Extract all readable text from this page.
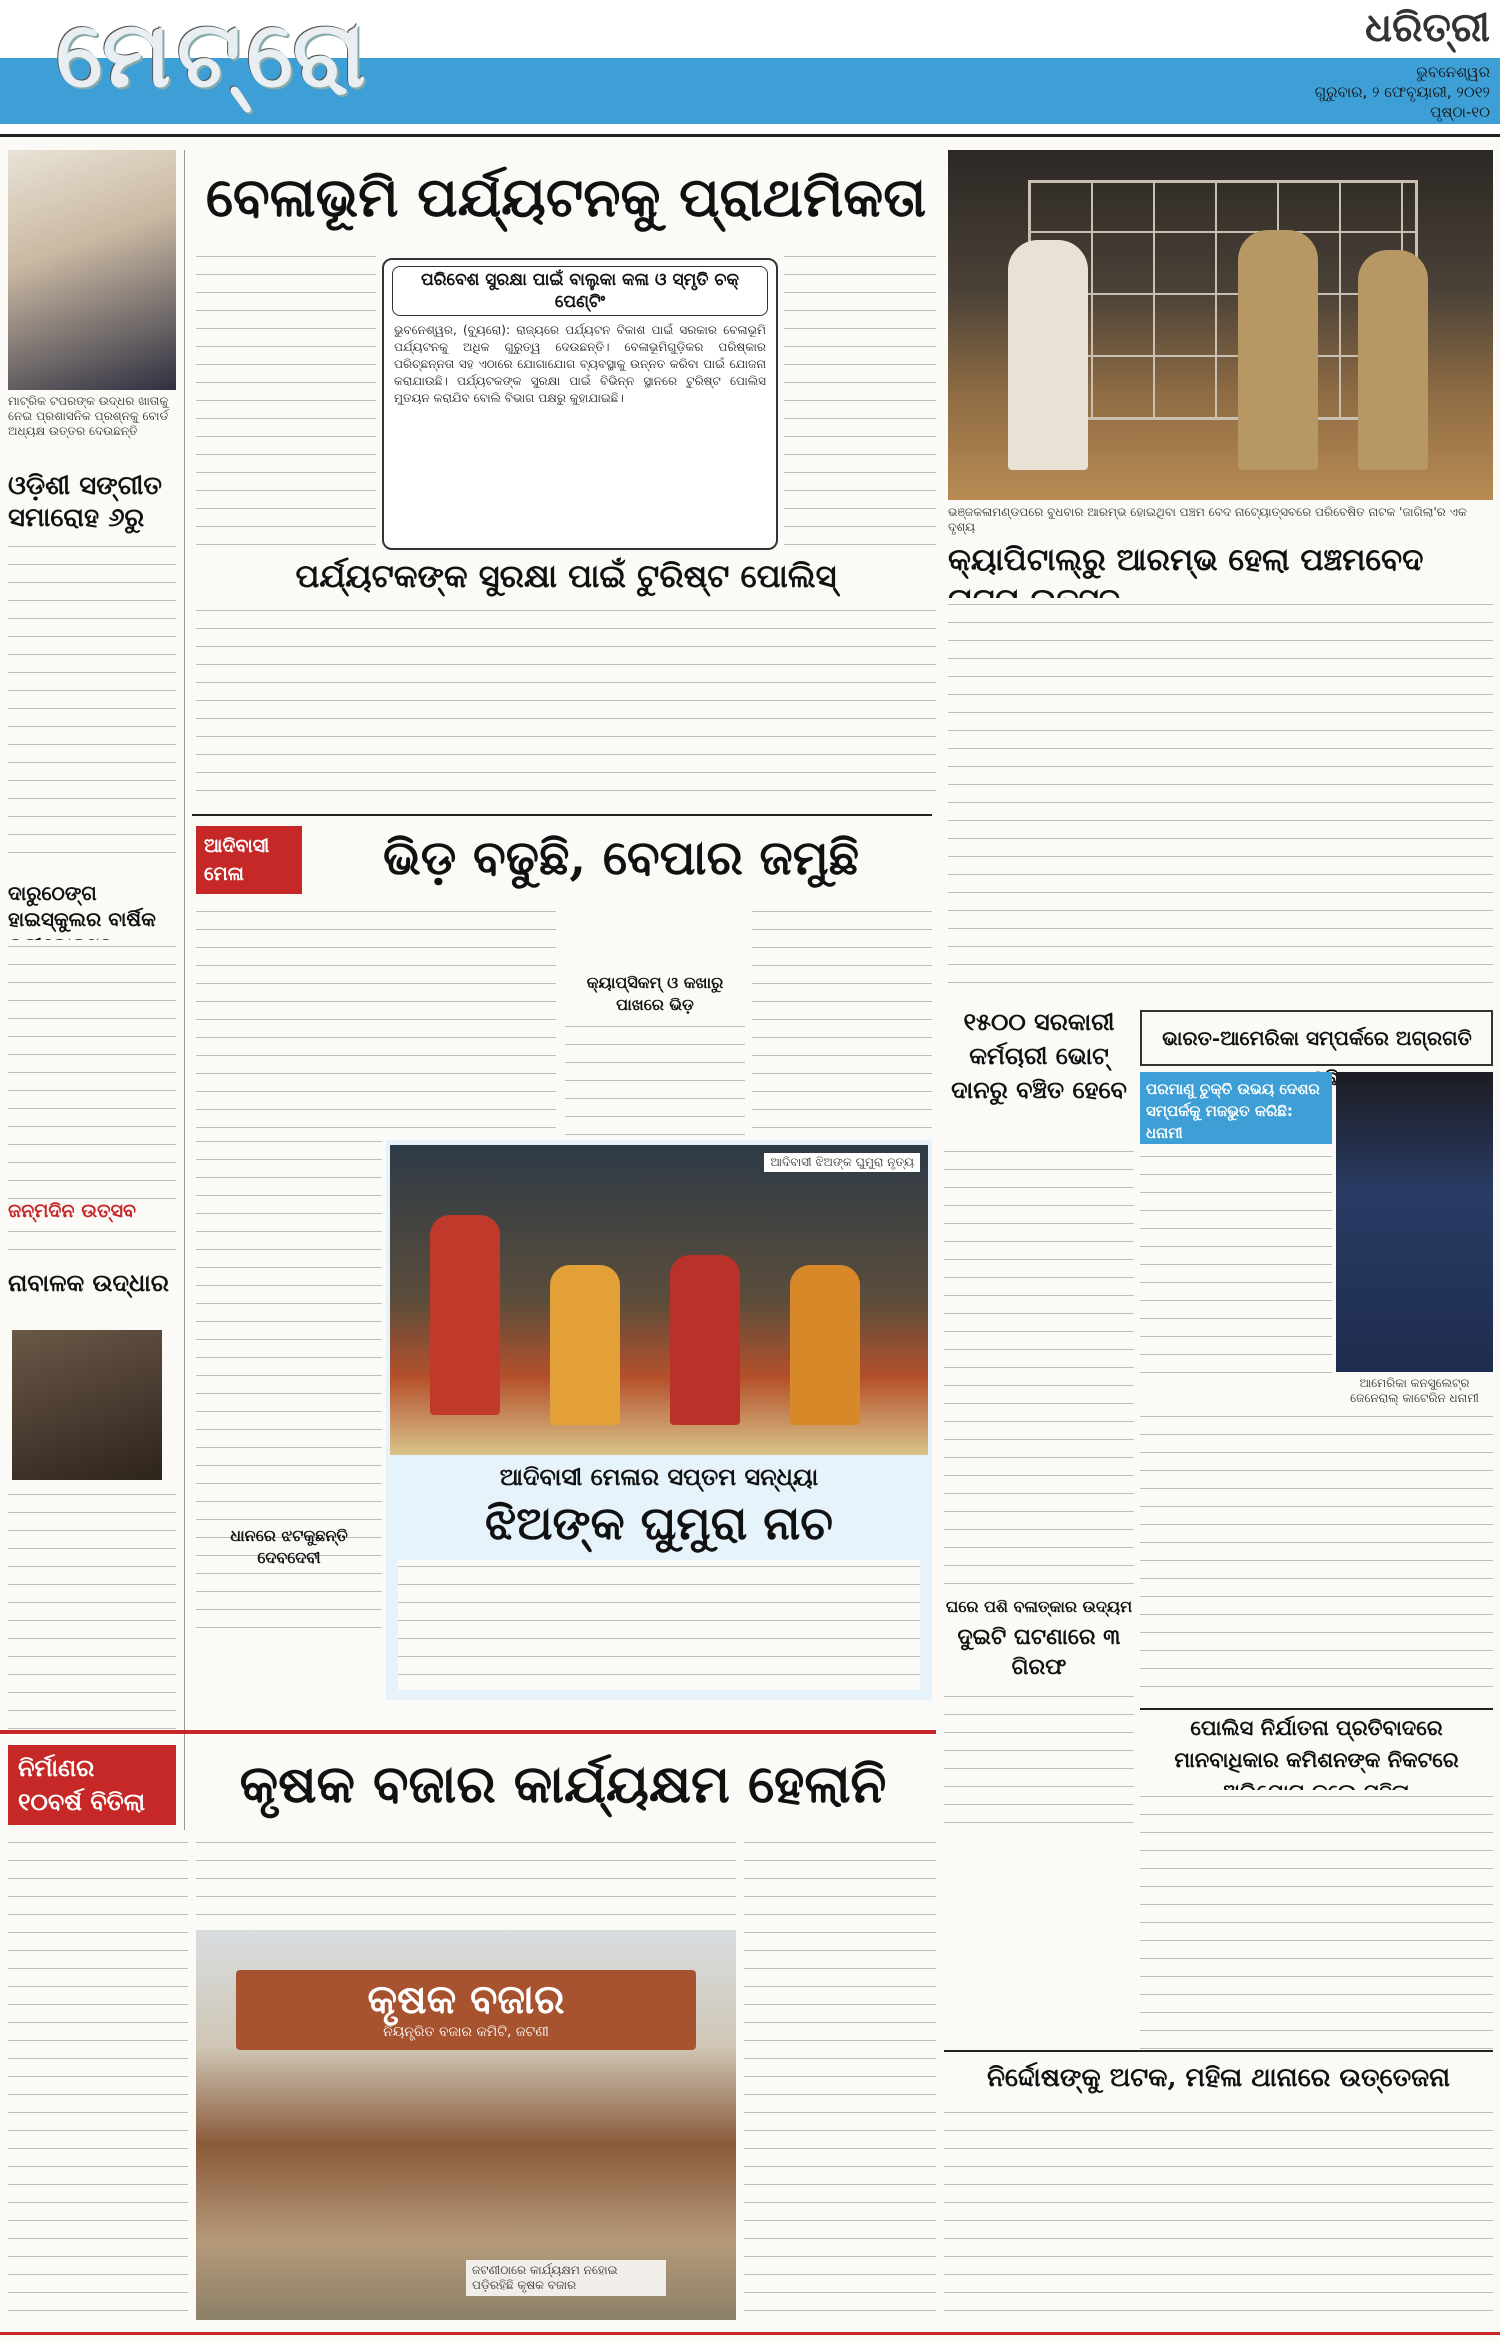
ମେଟ୍ରୋ	ଧରିତ୍ରୀ
ଭୁବନେଶ୍ୱର
ଗୁରୁବାର, ୨ ଫେବୃୟାରୀ, ୨୦୧୨
ପୃଷ୍ଠା-୧୦
ମାଟ୍ରିକ ଟପରଙ୍କ ଉଦ୍ଧର ଖାତାକୁ ନେଇ ପ୍ରଶାସନିକ ପ୍ରଶ୍ନକୁ ବୋର୍ଡ ଅଧ୍ୟକ୍ଷ ଉତ୍ତର ଦେଉଛନ୍ତି
ଓଡ଼ିଶୀ ସଙ୍ଗୀତ ସମାରୋହ ୬ରୁ
ଦାରୁଠେଙ୍ଗ ହାଇସ୍କୁଲର ବାର୍ଷିକ
ଜନ୍ମଦିନ ଉତ୍ସବ
ନାବାଳକ ଉଦ୍ଧାର
ବେଳାଭୂମି ପର୍ଯ୍ୟଟନକୁ ପ୍ରାଥମିକତା
ପରିବେଶ ସୁରକ୍ଷା ପାଇଁ ବାଲୁକା କଳା ଓ ସ୍ମୃତି ଚକ୍ ପେଣ୍ଟିଂ
ଭୁବନେଶ୍ୱର, (ବ୍ୟୁରୋ): ରାଜ୍ୟରେ ପର୍ଯ୍ୟଟନ ବିକାଶ ପାଇଁ ସରକାର ବେଳାଭୂମି ପର୍ଯ୍ୟଟନକୁ ଅଧିକ ଗୁରୁତ୍ୱ ଦେଉଛନ୍ତି। ବେଳାଭୂମିଗୁଡ଼ିକର ପରିଷ୍କାର ପରିଚ୍ଛନ୍ନତା ସହ ଏଠାରେ ଯୋଗାଯୋଗ ବ୍ୟବସ୍ଥାକୁ ଉନ୍ନତ କରିବା ପାଇଁ ଯୋଜନା କରାଯାଉଛି। ପର୍ଯ୍ୟଟକଙ୍କ ସୁରକ୍ଷା ପାଇଁ ବିଭିନ୍ନ ସ୍ଥାନରେ ଟୁରିଷ୍ଟ ପୋଲିସ ମୁତୟନ କରାଯିବ ବୋଲି ବିଭାଗ ପକ୍ଷରୁ କୁହାଯାଇଛି।
ପର୍ଯ୍ୟଟକଙ୍କ ସୁରକ୍ଷା ପାଇଁ ଟୁରିଷ୍ଟ ପୋଲିସ୍
ଭଞ୍ଜକଳାମଣ୍ଡପରେ ବୁଧବାର ଆରମ୍ଭ ହୋଇଥିବା ପଞ୍ଚମ ବେଦ ନାଟ୍ୟୋତ୍ସବରେ ପରିବେଷିତ ନାଟକ 'ଜାଗିଲା'ର ଏକ ଦୃଶ୍ୟ
କ୍ୟାପିଟାଲ୍‌ରୁ ଆରମ୍ଭ ହେଲା ପଞ୍ଚମବେଦ
ଆଦିବାସୀ
ମେଳା	ଭିଡ଼ ବଢୁଛି, ବେପାର ଜମୁଛି
କ୍ୟାପ୍‌ସିକମ୍ ଓ କଖାରୁ ପାଖରେ ଭିଡ଼
ଧାନରେ ଝଟକୁଛନ୍ତି ଦେବଦେବୀ
ଆଦିବାସୀ ଝିଅଙ୍କ ଘୁମୁରା ନୃତ୍ୟ
ଆଦିବାସୀ ମେଳାର ସପ୍ତମ ସନ୍ଧ୍ୟା
ଝିଅଙ୍କ ଘୁମୁରା ନାଚ
୧୫୦୦ ସରକାରୀ କର୍ମଚାରୀ ଭୋଟ୍ ଦାନରୁ ବଞ୍ଚିତ ହେବେ
ଘରେ ପଶି ବଳାତ୍କାର ଉଦ୍ୟମ
ଦୁଇଟି ଘଟଣାରେ ୩ ଗିରଫ
ଭାରତ-ଆମେରିକା ସମ୍ପର୍କରେ ଅଗ୍ରଗତି
ପରମାଣୁ ଚୁକ୍ତି ଉଭୟ ଦେଶର ସମ୍ପର୍କକୁ ମଜଭୁତ କରିଛି: ଧନାମୀ
ଆମେରିକା କନସୁଲେଟ୍‌ର ଜେନେରାଲ୍ କାଟେରିନ ଧନାମୀ
ପୋଲିସ ନିର୍ଯାତନା ପ୍ରତିବାଦରେ ମାନବାଧିକାର କମିଶନଙ୍କ ନିକଟରେ
ନିର୍ମାଣର
୧୦ବର୍ଷ ବିତିଲା	କୃଷକ ବଜାର କାର୍ଯ୍ୟକ୍ଷମ ହେଲାନି
କୃଷକ ବଜାର
ନିୟନ୍ତ୍ରିତ ବଜାର କମିଟି, ଜଟଣୀ
ଜଟଣୀଠାରେ କାର୍ଯ୍ୟକ୍ଷମ ନହୋଇ ପଡ଼ିରହିଛି କୃଷକ ବଜାର
ନିର୍ଦ୍ଦୋଷଙ୍କୁ ଅଟକ, ମହିଳା ଥାନାରେ ଉତ୍ତେଜନା
